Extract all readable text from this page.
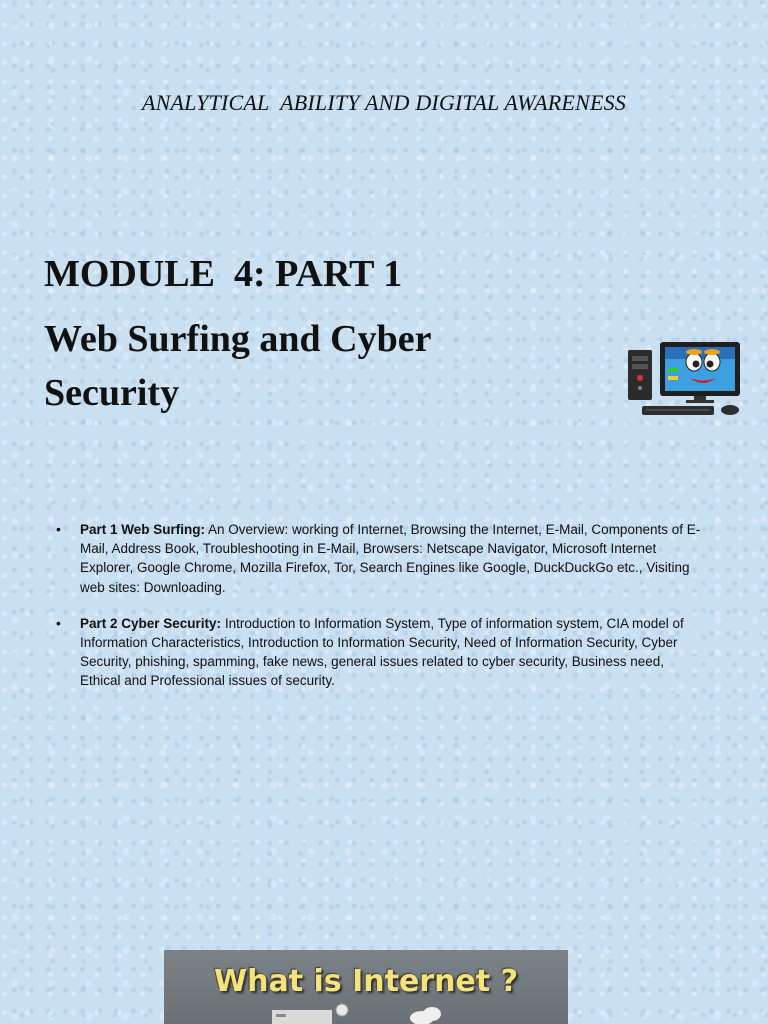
ANALYTICAL  ABILITY AND DIGITAL AWARENESS
MODULE  4: PART 1
Web Surfing and Cyber Security
• Part 1 Web Surfing: An Overview: working of Internet, Browsing the Internet, E-Mail, Components of E-Mail, Address Book, Troubleshooting in E-Mail, Browsers: Netscape Navigator, Microsoft Internet Explorer, Google Chrome, Mozilla Firefox, Tor, Search Engines like Google, DuckDuckGo etc., Visiting web sites: Downloading.
• Part 2 Cyber Security: Introduction to Information System, Type of information system, CIA model of Information Characteristics, Introduction to Information Security, Need of Information Security, Cyber Security, phishing, spamming, fake news, general issues related to cyber security, Business need, Ethical and Professional issues of security.
What is Internet ?
